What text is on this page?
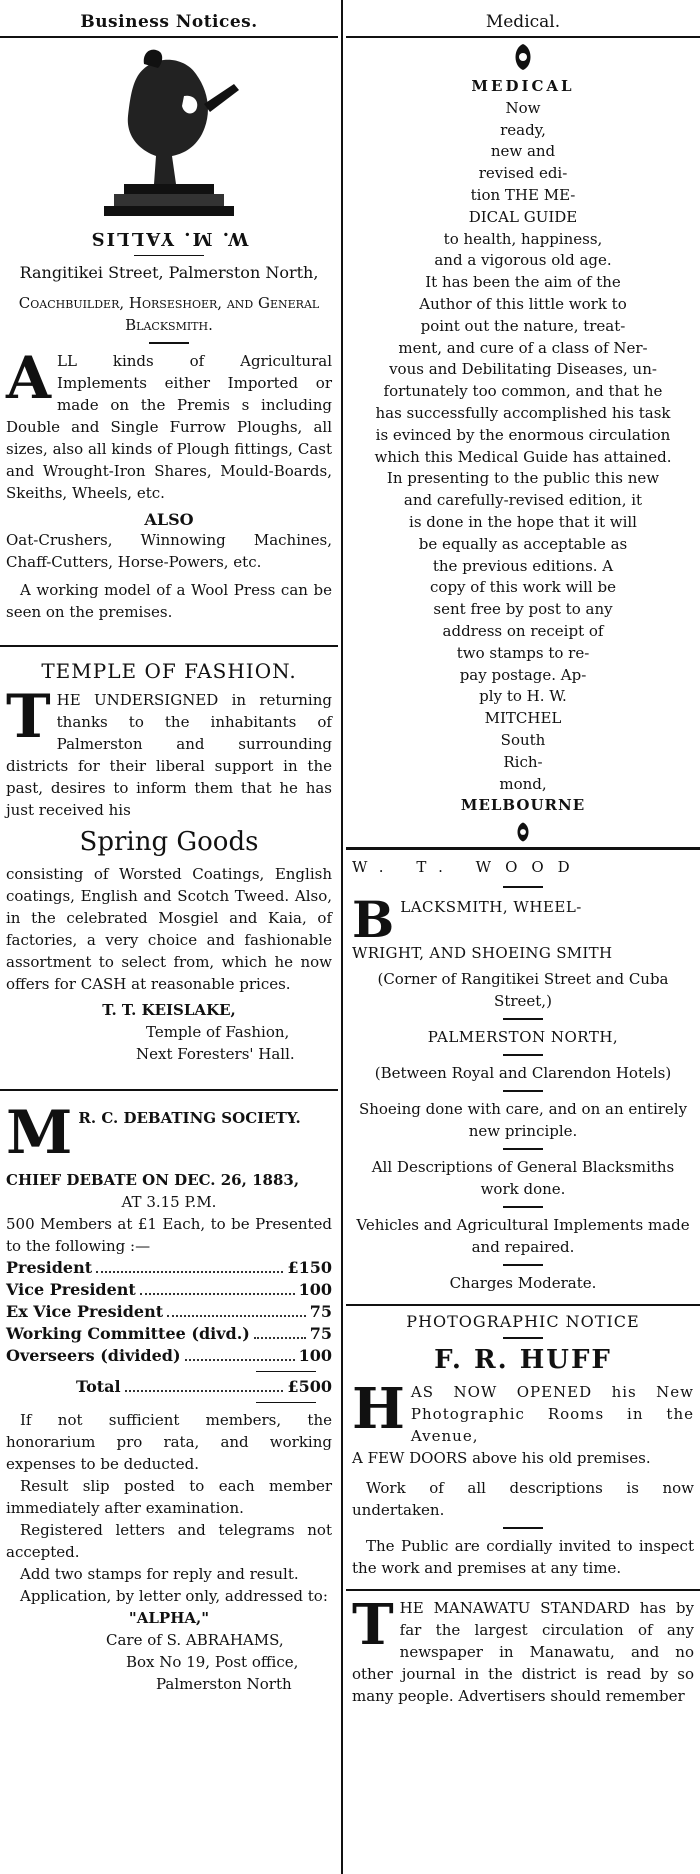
Business Notices.

W. M. YALLIS

Rangitikei Street, Palmerston North,

Coachbuilder, Horseshoer, and General Blacksmith.

A LL kinds of Agricultural Implements either Imported or made on the Premis s including Double and Single Furrow Ploughs, all sizes, also all kinds of Plough fittings, Cast and Wrought-Iron Shares, Mould-Boards, Skeiths, Wheels, etc.

ALSO

Oat-Crushers, Winnowing Machines, Chaff-Cutters, Horse-Powers, etc.

A working model of a Wool Press can be seen on the premises.

TEMPLE OF FASHION.

T HE UNDERSIGNED in returning thanks to the inhabitants of Palmerston and surrounding districts for their liberal support in the past, desires to inform them that he has just received his

Spring Goods

consisting of Worsted Coatings, English coatings, English and Scotch Tweed. Also, in the celebrated Mosgiel and Kaia, of factories, a very choice and fashionable assortment to select from, which he now offers for CASH at reasonable prices.

T. T. KEISLAKE,

Temple of Fashion,

Next Foresters' Hall.

M R. C. DEBATING SOCIETY.

CHIEF DEBATE ON DEC. 26, 1883,

AT 3.15 P.M.

500 Members at £1 Each, to be Presented to the following :—

President	£150
Vice President	100
Ex Vice President	75
Working Committee (divd.)	75
Overseers (divided)	100
Total	£500

If not sufficient members, the honorarium pro rata, and working expenses to be deducted.

Result slip posted to each member immediately after examination.

Registered letters and telegrams not accepted.

Add two stamps for reply and result.

Application, by letter only, addressed to:

"ALPHA,"

Care of S. ABRAHAMS,

Box No 19, Post office,

Palmerston North

Medical.

MEDICAL

Now

ready,

new and

revised edi-

tion THE ME-

DICAL GUIDE

to health, happiness,

and a vigorous old age.

It has been the aim of the

Author of this little work to

point out the nature, treat-

ment, and cure of a class of Ner-

vous and Debilitating Diseases, un-

fortunately too common, and that he

has successfully accomplished his task

is evinced by the enormous circulation

which this Medical Guide has attained.

In presenting to the public this new

and carefully-revised edition, it

is done in the hope that it will

be equally as acceptable as

the previous editions. A

copy of this work will be

sent free by post to any

address on receipt of

two stamps to re-

pay postage. Ap-

ply to H. W.

MITCHEL

South

Rich-

mond,

MELBOURNE

W. T. WOOD

B LACKSMITH, WHEEL-

WRIGHT, AND SHOEING SMITH

(Corner of Rangitikei Street and Cuba Street,)

PALMERSTON NORTH,

(Between Royal and Clarendon Hotels)

Shoeing done with care, and on an entirely new principle.

All Descriptions of General Blacksmiths work done.

Vehicles and Agricultural Implements made and repaired.

Charges Moderate.

PHOTOGRAPHIC NOTICE

F. R. HUFF

H AS NOW OPENED his New Photographic Rooms in the Avenue,

A FEW DOORS above his old premises.

Work of all descriptions is now undertaken.

The Public are cordially invited to inspect the work and premises at any time.

T HE MANAWATU STANDARD has by far the largest circulation of any newspaper in Manawatu, and no other journal in the district is read by so many people. Advertisers should remember
